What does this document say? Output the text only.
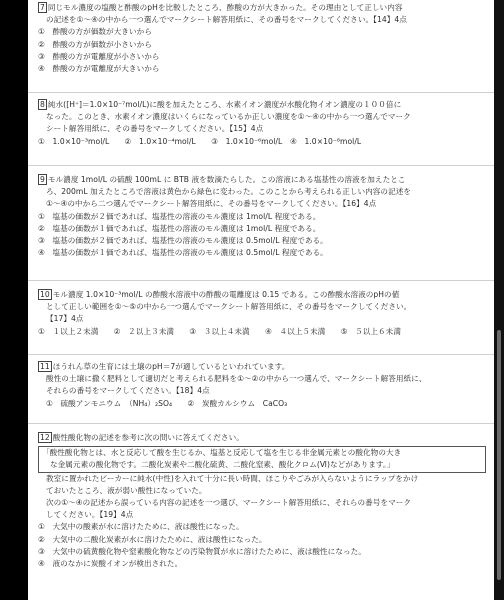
7 同じモル濃度の塩酸と酢酸のpHを比較したところ、酢酸の方が大きかった。その理由として正しい内容
の記述を①～④の中から一つ選んでマークシート解答用紙に、その番号をマークしてください。【14】4点
①　酢酸の方が価数が大きいから
②　酢酸の方が価数が小さいから
③　酢酸の方が電離度が小さいから
④　酢酸の方が電離度が大きいから
8 純水([H⁺]＝1.0×10⁻⁷mol/L)に酸を加えたところ、水素イオン濃度が水酸化物イオン濃度の１００倍に
なった。このとき、水素イオン濃度はいくらになっているか正しい濃度を①～④の中から一つ選んでマーク
シート解答用紙に、その番号をマークしてください。【15】4点
①　1.0×10⁻³mol/L　　②　1.0×10⁻⁴mol/L　　③　1.0×10⁻⁶mol/L　④　1.0×10⁻⁸mol/L
9 モル濃度 1mol/L の硫酸 100mL に BTB 液を数滴たらした。この溶液にある塩基性の溶液を加えたとこ
ろ、200mL 加えたところで溶液は黄色から緑色に変わった。このことから考えられる正しい内容の記述を
①～④の中から二つ選んでマークシート解答用紙に、その番号をマークしてください。【16】4点
①　塩基の価数が２価であれば、塩基性の溶液のモル濃度は 1mol/L 程度である。
②　塩基の価数が１価であれば、塩基性の溶液のモル濃度は 1mol/L 程度である。
③　塩基の価数が２価であれば、塩基性の溶液のモル濃度は 0.5mol/L 程度である。
④　塩基の価数が１価であれば、塩基性の溶液のモル濃度は 0.5mol/L 程度である。
10 モル濃度 1.0×10⁻³mol/L の酢酸水溶液中の酢酸の電離度は 0.15 である。この酢酸水溶液のpHの値
として正しい範囲を①～⑤の中から一つ選んでマークシート解答用紙に、その番号をマークしてください。
【17】4点
①　１以上２未満　　②　２以上３未満　　③　３以上４未満　　④　４以上５未満　　⑤　５以上６未満
11 ほうれん草の生育には土壌のpH＝7が適しているといわれています。
酸性の土壌に撒く肥料として適切だと考えられる肥料を①～②の中から一つ選んで、マークシート解答用紙に、
それらの番号をマークしてください。【18】4点
①　硫酸アンモニウム　（NH₄）₂SO₄　　②　炭酸カルシウム　CaCO₃
12 酸性酸化物の記述を参考に次の問いに答えてください。
「酸性酸化物とは、水と反応して酸を生じるか、塩基と反応して塩を生じる非金属元素との酸化物の大き
な金属元素の酸化物です。二酸化炭素や二酸化硫黄、二酸化窒素、酸化クロム(Ⅵ)などがあります。」
教室に置かれたビーカーに純水(中性)を入れて十分に長い時間、ほこりやごみが入らないようにラップをかけ
ておいたところ、液が弱い酸性になっていた。
次の①～④の記述から誤っている内容の記述を一つ選び、マークシート解答用紙に、それらの番号をマーク
してください。【19】4点
①　大気中の酸素が水に溶けたために、液は酸性になった。
②　大気中の二酸化炭素が水に溶けたために、液は酸性になった。
③　大気中の硫黄酸化物や窒素酸化物などの汚染物質が水に溶けたために、液は酸性になった。
④　液のなかに炭酸イオンが検出された。
